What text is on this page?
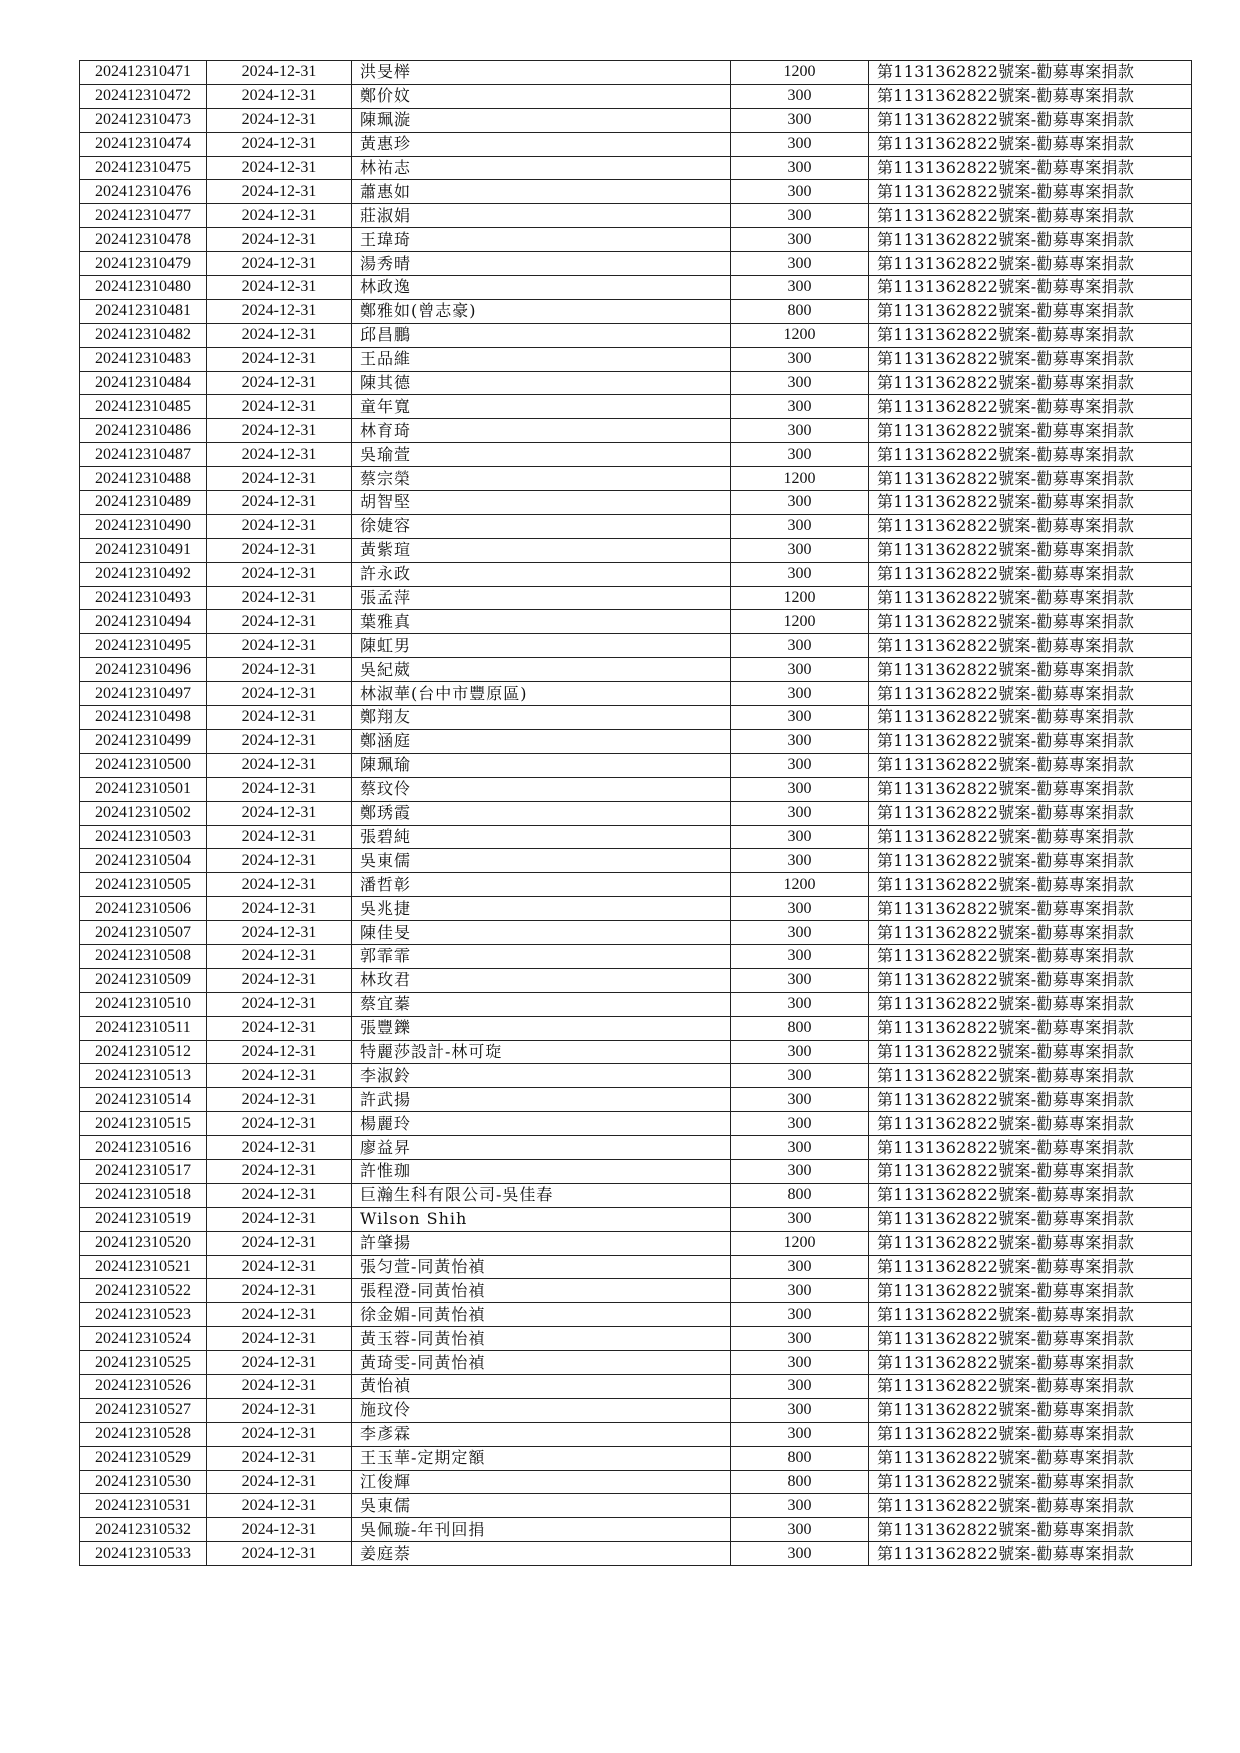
202412310471	2024-12-31	洪旻榉	1200	第1131362822號案-勸募專案捐款
202412310472	2024-12-31	鄭价妏	300	第1131362822號案-勸募專案捐款
202412310473	2024-12-31	陳珮漩	300	第1131362822號案-勸募專案捐款
202412310474	2024-12-31	黃惠珍	300	第1131362822號案-勸募專案捐款
202412310475	2024-12-31	林祐志	300	第1131362822號案-勸募專案捐款
202412310476	2024-12-31	蕭惠如	300	第1131362822號案-勸募專案捐款
202412310477	2024-12-31	莊淑娟	300	第1131362822號案-勸募專案捐款
202412310478	2024-12-31	王瑋琦	300	第1131362822號案-勸募專案捐款
202412310479	2024-12-31	湯秀晴	300	第1131362822號案-勸募專案捐款
202412310480	2024-12-31	林政逸	300	第1131362822號案-勸募專案捐款
202412310481	2024-12-31	鄭雅如(曾志豪)	800	第1131362822號案-勸募專案捐款
202412310482	2024-12-31	邱昌鵬	1200	第1131362822號案-勸募專案捐款
202412310483	2024-12-31	王品維	300	第1131362822號案-勸募專案捐款
202412310484	2024-12-31	陳其德	300	第1131362822號案-勸募專案捐款
202412310485	2024-12-31	童年寬	300	第1131362822號案-勸募專案捐款
202412310486	2024-12-31	林育琦	300	第1131362822號案-勸募專案捐款
202412310487	2024-12-31	吳瑜萱	300	第1131362822號案-勸募專案捐款
202412310488	2024-12-31	蔡宗榮	1200	第1131362822號案-勸募專案捐款
202412310489	2024-12-31	胡智堅	300	第1131362822號案-勸募專案捐款
202412310490	2024-12-31	徐婕容	300	第1131362822號案-勸募專案捐款
202412310491	2024-12-31	黃紫瑄	300	第1131362822號案-勸募專案捐款
202412310492	2024-12-31	許永政	300	第1131362822號案-勸募專案捐款
202412310493	2024-12-31	張孟萍	1200	第1131362822號案-勸募專案捐款
202412310494	2024-12-31	葉雅真	1200	第1131362822號案-勸募專案捐款
202412310495	2024-12-31	陳虹男	300	第1131362822號案-勸募專案捐款
202412310496	2024-12-31	吳紀葳	300	第1131362822號案-勸募專案捐款
202412310497	2024-12-31	林淑華(台中市豐原區)	300	第1131362822號案-勸募專案捐款
202412310498	2024-12-31	鄭翔友	300	第1131362822號案-勸募專案捐款
202412310499	2024-12-31	鄭涵庭	300	第1131362822號案-勸募專案捐款
202412310500	2024-12-31	陳珮瑜	300	第1131362822號案-勸募專案捐款
202412310501	2024-12-31	蔡玟伶	300	第1131362822號案-勸募專案捐款
202412310502	2024-12-31	鄭琇霞	300	第1131362822號案-勸募專案捐款
202412310503	2024-12-31	張碧純	300	第1131362822號案-勸募專案捐款
202412310504	2024-12-31	吳東儒	300	第1131362822號案-勸募專案捐款
202412310505	2024-12-31	潘哲彰	1200	第1131362822號案-勸募專案捐款
202412310506	2024-12-31	吳兆捷	300	第1131362822號案-勸募專案捐款
202412310507	2024-12-31	陳佳旻	300	第1131362822號案-勸募專案捐款
202412310508	2024-12-31	郭霏霏	300	第1131362822號案-勸募專案捐款
202412310509	2024-12-31	林玫君	300	第1131362822號案-勸募專案捐款
202412310510	2024-12-31	蔡宜蓁	300	第1131362822號案-勸募專案捐款
202412310511	2024-12-31	張豐鑠	800	第1131362822號案-勸募專案捐款
202412310512	2024-12-31	特麗莎設計-林可琁	300	第1131362822號案-勸募專案捐款
202412310513	2024-12-31	李淑鈴	300	第1131362822號案-勸募專案捐款
202412310514	2024-12-31	許武揚	300	第1131362822號案-勸募專案捐款
202412310515	2024-12-31	楊麗玲	300	第1131362822號案-勸募專案捐款
202412310516	2024-12-31	廖益昇	300	第1131362822號案-勸募專案捐款
202412310517	2024-12-31	許惟珈	300	第1131362822號案-勸募專案捐款
202412310518	2024-12-31	巨瀚生科有限公司-吳佳春	800	第1131362822號案-勸募專案捐款
202412310519	2024-12-31	Wilson Shih	300	第1131362822號案-勸募專案捐款
202412310520	2024-12-31	許肇揚	1200	第1131362822號案-勸募專案捐款
202412310521	2024-12-31	張匀萱-同黃怡禎	300	第1131362822號案-勸募專案捐款
202412310522	2024-12-31	張程澄-同黃怡禎	300	第1131362822號案-勸募專案捐款
202412310523	2024-12-31	徐金媚-同黃怡禎	300	第1131362822號案-勸募專案捐款
202412310524	2024-12-31	黃玉蓉-同黃怡禎	300	第1131362822號案-勸募專案捐款
202412310525	2024-12-31	黃琦雯-同黃怡禎	300	第1131362822號案-勸募專案捐款
202412310526	2024-12-31	黃怡禎	300	第1131362822號案-勸募專案捐款
202412310527	2024-12-31	施玟伶	300	第1131362822號案-勸募專案捐款
202412310528	2024-12-31	李彥霖	300	第1131362822號案-勸募專案捐款
202412310529	2024-12-31	王玉華-定期定額	800	第1131362822號案-勸募專案捐款
202412310530	2024-12-31	江俊輝	800	第1131362822號案-勸募專案捐款
202412310531	2024-12-31	吳東儒	300	第1131362822號案-勸募專案捐款
202412310532	2024-12-31	吳佩璇-年刊回捐	300	第1131362822號案-勸募專案捐款
202412310533	2024-12-31	姜庭萘	300	第1131362822號案-勸募專案捐款
